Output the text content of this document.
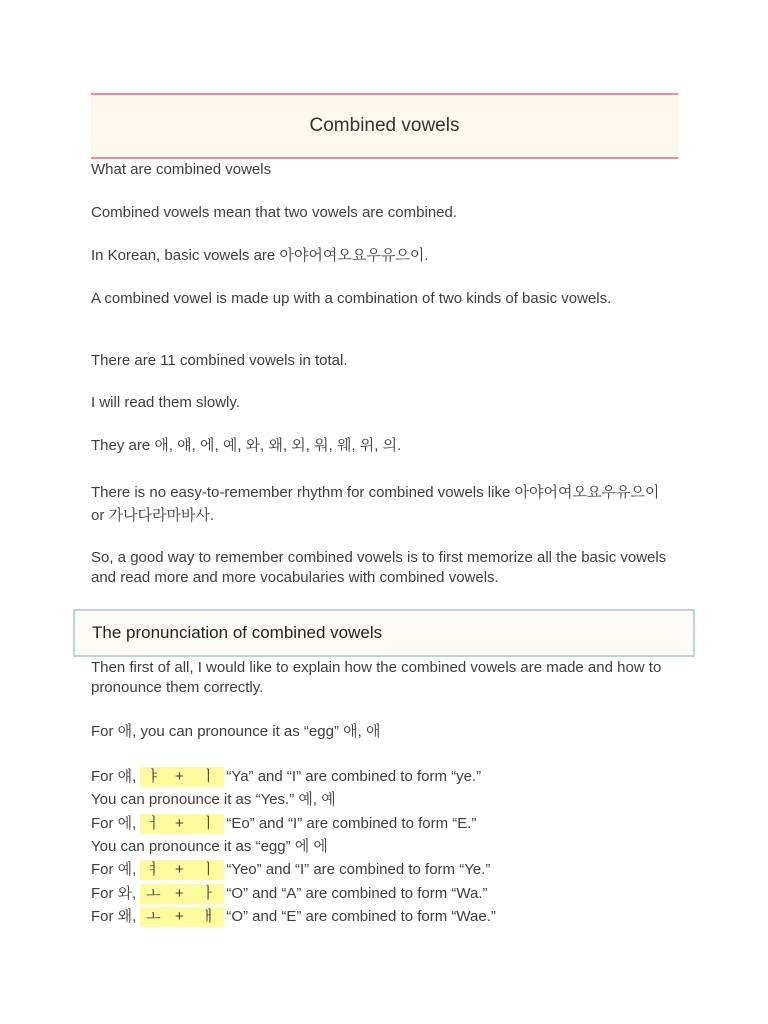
Combined vowels
What are combined vowels
Combined vowels mean that two vowels are combined.
In Korean, basic vowels are 아야어여오요우유으이.
A combined vowel is made up with a combination of two kinds of basic vowels.
There are 11 combined vowels in total.
I will read them slowly.
They are 애, 얘, 에, 예, 와, 왜, 외, 워, 웨, 위, 의.
There is no easy-to-remember rhythm for combined vowels like 아야어여오요우유으이 or 가나다라마바사.
So, a good way to remember combined vowels is to first memorize all the basic vowels and read more and more vocabularies with combined vowels.
The pronunciation of combined vowels
Then first of all, I would like to explain how the combined vowels are made and how to pronounce them correctly.
For 애, you can pronounce it as “egg” 애, 애
For 얘, ㅑ +	ㅣ “Ya” and “I” are combined to form “ye.”
You can pronounce it as “Yes.” 예, 예
For 에, ㅓ +	ㅣ “Eo” and “I” are combined to form “E.”
You can pronounce it as “egg” 에 에
For 예, ㅕ +	ㅣ “Yeo” and “I” are combined to form “Ye.”
For 와, ㅗ +	ㅏ “O” and “A” are combined to form “Wa.”
For 왜, ㅗ +	ㅐ “O” and “E” are combined to form “Wae.”
